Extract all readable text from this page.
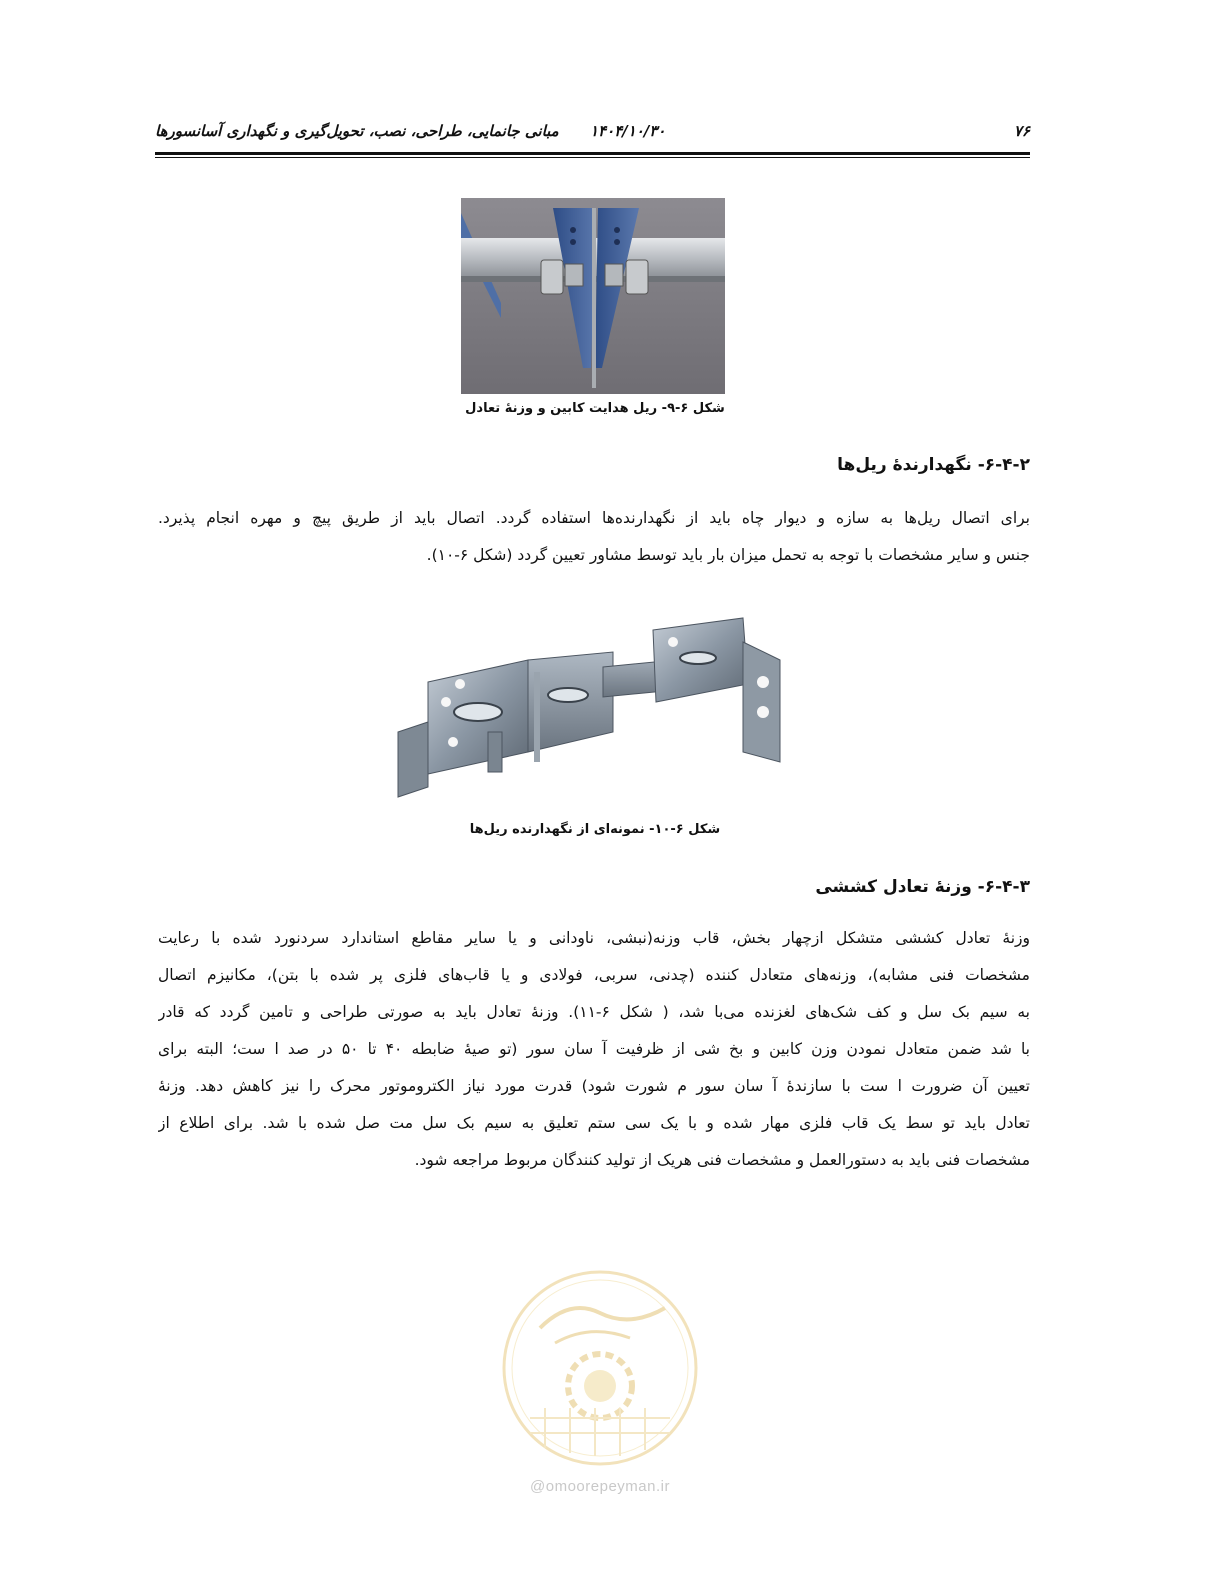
۷۶
۱۴۰۴/۱۰/۳۰
مبانی جانمایی، طراحی، نصب، تحویل‌گیری و نگهداری آسانسورها
شکل ۶-۹- ریل هدایت کابین و وزنهٔ تعادل
۶-۴-۲- نگهدارندهٔ ریل‌ها
برای اتصال ریل‌ها به سازه و دیوار چاه باید از نگهدارنده‌ها استفاده گردد. اتصال باید از طریق پیچ و مهره انجام پذیرد.
جنس و سایر مشخصات با توجه به تحمل میزان بار باید توسط مشاور تعیین گردد (شکل ۶-۱۰).
شکل ۶-۱۰- نمونه‌ای از نگهدارنده ریل‌ها
۶-۴-۳- وزنهٔ تعادل کششی
وزنهٔ تعادل کششی متشکل ازچهار بخش، قاب وزنه(نبشی، ناودانی و یا سایر مقاطع استاندارد سردنورد شده با رعایت
مشخصات فنی مشابه)، وزنه‌های متعادل کننده (چدنی، سربی، فولادی و یا قاب‌های فلزی پر شده با بتن)، مکانیزم اتصال
به سیم بک سل و کف شک‌های لغزنده می‌با شد، ( شکل ۶-۱۱). وزنهٔ تعادل باید به صورتی طراحی و تامین گردد که قادر
با شد ضمن متعادل نمودن وزن کابین و بخ شی از ظرفیت آ سان سور (تو صیهٔ ضابطه ۴۰ تا ۵۰ در صد ا ست؛ البته برای
تعیین آن ضرورت ا ست با سازندهٔ آ سان سور م شورت شود) قدرت مورد نیاز الکتروموتور محرک را نیز کاهش دهد. وزنهٔ
تعادل باید تو سط یک قاب فلزی مهار شده و با یک سی ستم تعلیق به سیم بک سل مت صل شده با شد. برای اطلاع از
مشخصات فنی باید به دستورالعمل و مشخصات فنی هریک از تولید کنندگان مربوط مراجعه شود.
@omoorepeyman.ir
